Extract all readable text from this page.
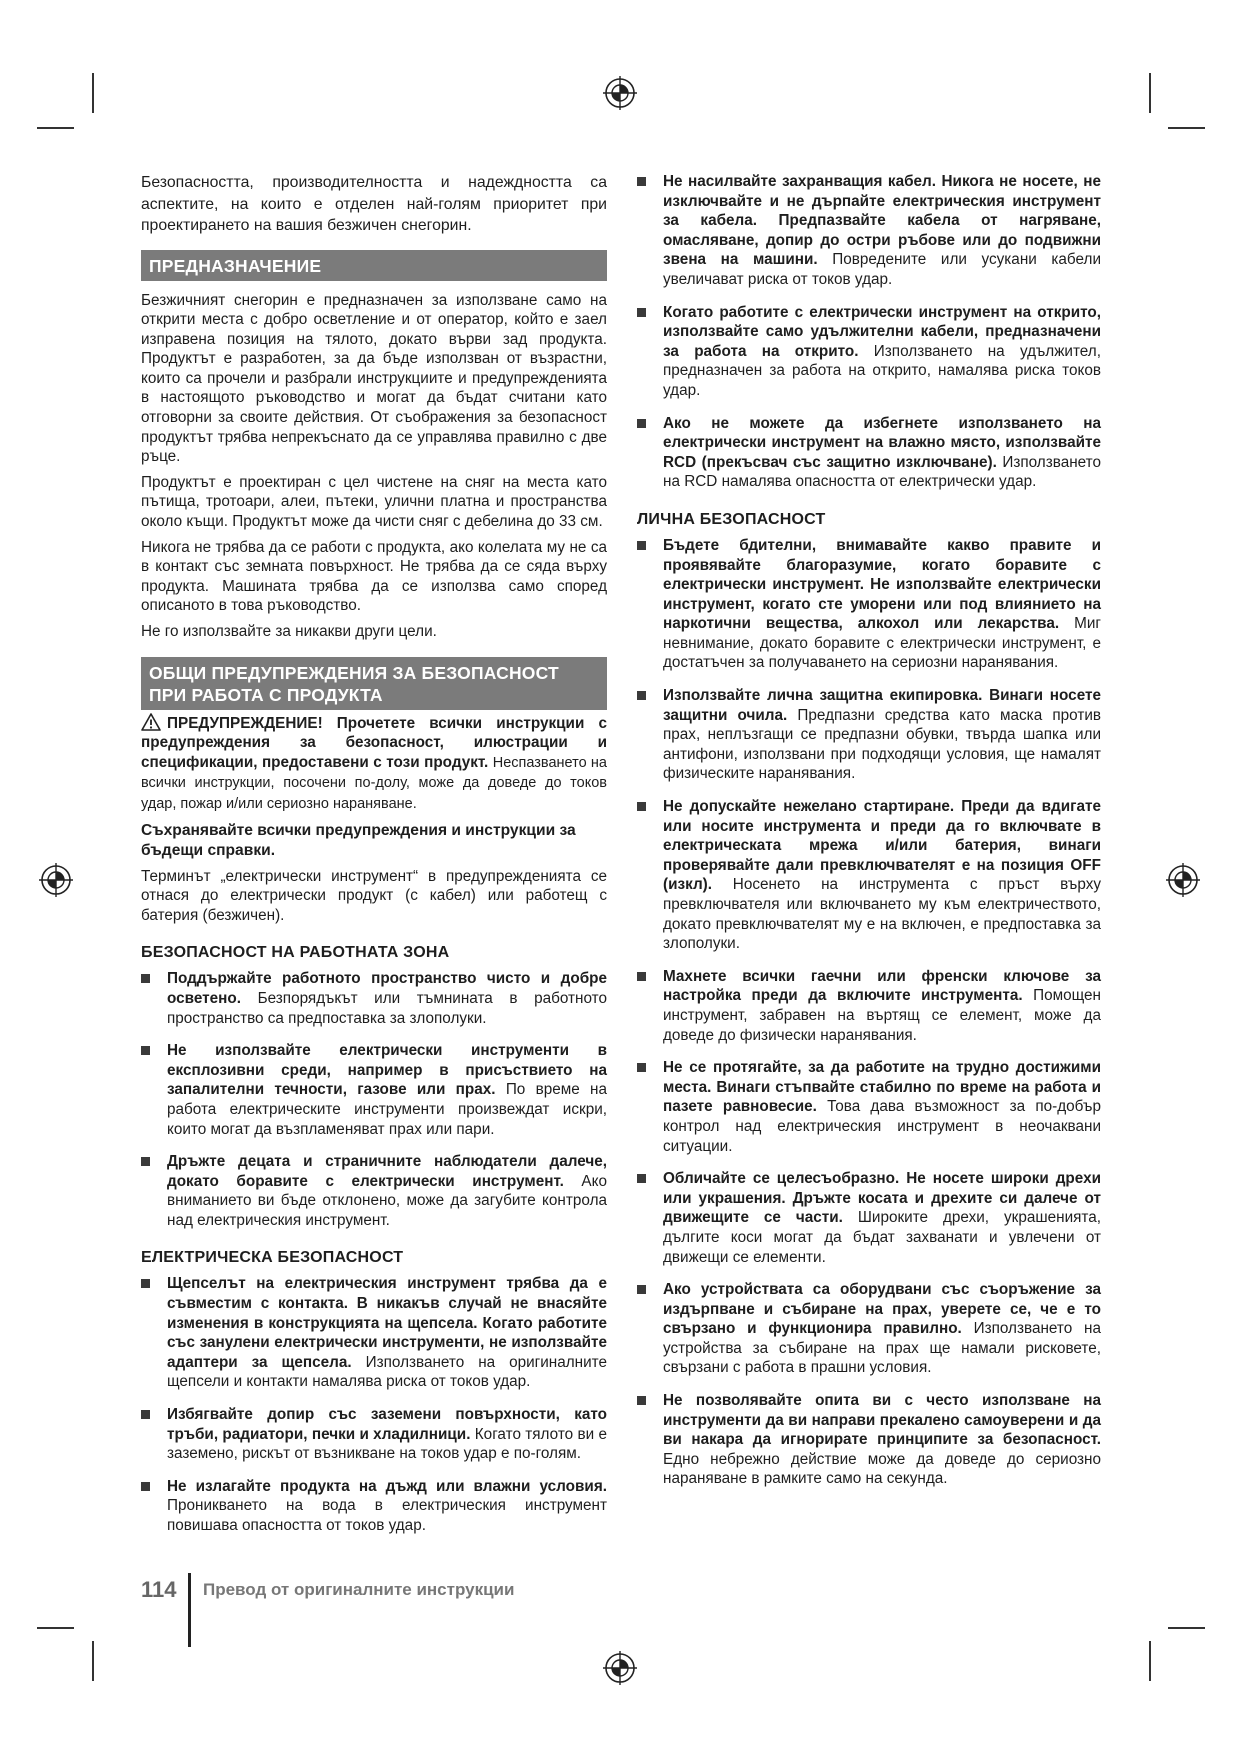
Безопасността, производителността и надеждността са аспектите, на които е отделен най-голям приоритет при проектирането на вашия безжичен снегорин.

ПРЕДНАЗНАЧЕНИЕ

Безжичният снегорин е предназначен за използване само на открити места с добро осветление и от оператор, който е заел изправена позиция на тялото, докато върви зад продукта. Продуктът е разработен, за да бъде използван от възрастни, които са прочели и разбрали инструкциите и предупрежденията в настоящото ръководство и могат да бъдат считани като отговорни за своите действия. От съображения за безопасност продуктът трябва непрекъснато да се управлява правилно с две ръце.

Продуктът е проектиран с цел чистене на сняг на места като пътища, тротоари, алеи, пътеки, улични платна и пространства около къщи. Продуктът може да чисти сняг с дебелина до 33 см.

Никога не трябва да се работи с продукта, ако колелата му не са в контакт със земната повърхност. Не трябва да се сяда върху продукта. Машината трябва да се използва само според описаното в това ръководство.

Не го използвайте за никакви други цели.

ОБЩИ ПРЕДУПРЕЖДЕНИЯ ЗА БЕЗОПАСНОСТ
ПРИ РАБОТА С ПРОДУКТА

ПРЕДУПРЕЖДЕНИЕ! Прочетете всички инструкции с предупреждения за безопасност, илюстрации и спецификации, предоставени с този продукт. Неспазването на всички инструкции, посочени по-долу, може да доведе до токов удар, пожар и/или сериозно нараняване.

Съхранявайте всички предупреждения и инструкции за бъдещи справки.

Терминът „електрически инструмент“ в предупрежденията се отнася до електрически продукт (с кабел) или работещ с батерия (безжичен).

БЕЗОПАСНОСТ НА РАБОТНАТА ЗОНА
Поддържайте работното пространство чисто и добре осветено. Безпорядъкът или тъмнината в работното пространство са предпоставка за злополуки.
Не използвайте електрически инструменти в експлозивни среди, например в присъствието на запалителни течности, газове или прах. По време на работа електрическите инструменти произвеждат искри, които могат да възпламеняват прах или пари.
Дръжте децата и страничните наблюдатели далече, докато боравите с електрически инструмент. Ако вниманието ви бъде отклонено, може да загубите контрола над електрическия инструмент.
ЕЛЕКТРИЧЕСКА БЕЗОПАСНОСТ
Щепселът на електрическия инструмент трябва да е съвместим с контакта. В никакъв случай не внасяйте изменения в конструкцията на щепсела. Когато работите със занулени електрически инструменти, не използвайте адаптери за щепсела. Използването на оригиналните щепсели и контакти намалява риска от токов удар.
Избягвайте допир със заземени повърхности, като тръби, радиатори, печки и хладилници. Когато тялото ви е заземено, рискът от възникване на токов удар е по-голям.
Не излагайте продукта на дъжд или влажни условия. Проникването на вода в електрическия инструмент повишава опасността от токов удар.
Не насилвайте захранващия кабел. Никога не носете, не изключвайте и не дърпайте електрическия инструмент за кабела. Предпазвайте кабела от нагряване, омасляване, допир до остри ръбове или до подвижни звена на машини. Повредените или усукани кабели увеличават риска от токов удар.
Когато работите с електрически инструмент на открито, използвайте само удължителни кабели, предназначени за работа на открито. Използването на удължител, предназначен за работа на открито, намалява риска токов удар.
Ако не можете да избегнете използването на електрически инструмент на влажно място, използвайте RCD (прекъсвач със защитно изключване). Използването на RCD намалява опасността от електрически удар.
ЛИЧНА БЕЗОПАСНОСТ
Бъдете бдителни, внимавайте какво правите и проявявайте благоразумие, когато боравите с електрически инструмент. Не използвайте електрически инструмент, когато сте уморени или под влиянието на наркотични вещества, алкохол или лекарства. Миг невнимание, докато боравите с електрически инструмент, е достатъчен за получаването на сериозни наранявания.
Използвайте лична защитна екипировка. Винаги носете защитни очила. Предпазни средства като маска против прах, неплъзгащи се предпазни обувки, твърда шапка или антифони, използвани при подходящи условия, ще намалят физическите наранявания.
Не допускайте нежелано стартиране. Преди да вдигате или носите инструмента и преди да го включвате в електрическата мрежа и/или батерия, винаги проверявайте дали превключвателят е на позиция OFF (изкл). Носенето на инструмента с пръст върху превключвателя или включването му към електричеството, докато превключвателят му е на включен, е предпоставка за злополуки.
Махнете всички гаечни или френски ключове за настройка преди да включите инструмента. Помощен инструмент, забравен на въртящ се елемент, може да доведе до физически наранявания.
Не се протягайте, за да работите на трудно достижими места. Винаги стъпвайте стабилно по време на работа и пазете равновесие. Това дава възможност за по-добър контрол над електрическия инструмент в неочаквани ситуации.
Обличайте се целесъобразно. Не носете широки дрехи или украшения. Дръжте косата и дрехите си далече от движещите се части. Широките дрехи, украшенията, дългите коси могат да бъдат захванати и увлечени от движещи се елементи.
Ако устройствата са оборудвани със съоръжение за издърпване и събиране на прах, уверете се, че е то свързано и функционира правилно. Използването на устройства за събиране на прах ще намали рисковете, свързани с работа в прашни условия.
Не позволявайте опита ви с често използване на инструменти да ви направи прекалено самоуверени и да ви накара да игнорирате принципите за безопасност. Едно небрежно действие може да доведе до сериозно нараняване в рамките само на секунда.
114 Превод от оригиналните инструкции
